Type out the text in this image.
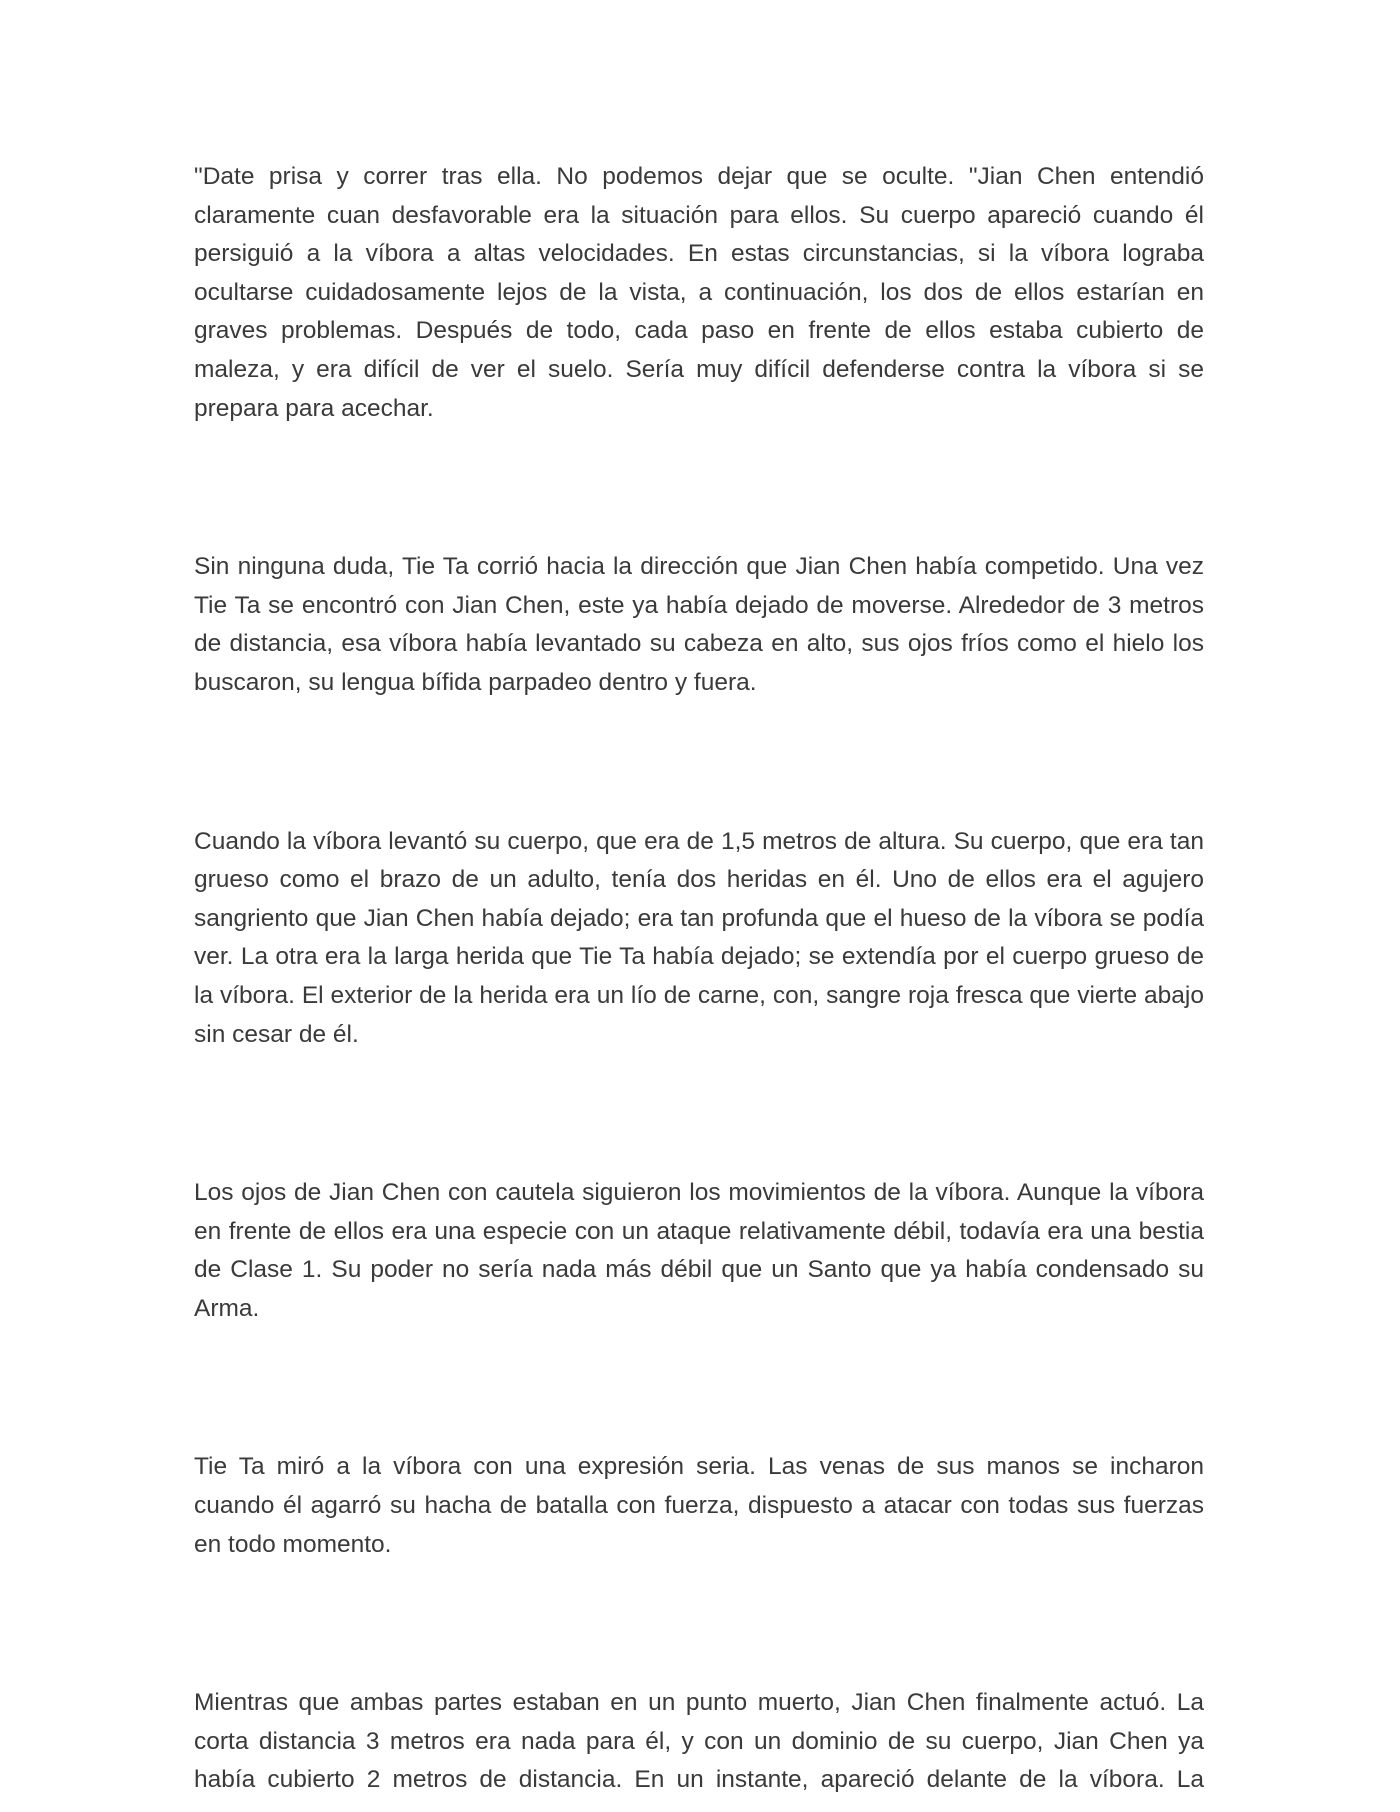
"Date prisa y correr tras ella. No podemos dejar que se oculte. "Jian Chen entendió claramente cuan desfavorable era la situación para ellos. Su cuerpo apareció cuando él persiguió a la víbora a altas velocidades. En estas circunstancias, si la víbora lograba ocultarse cuidadosamente lejos de la vista, a continuación, los dos de ellos estarían en graves problemas. Después de todo, cada paso en frente de ellos estaba cubierto de maleza, y era difícil de ver el suelo. Sería muy difícil defenderse contra la víbora si se prepara para acechar.

Sin ninguna duda, Tie Ta corrió hacia la dirección que Jian Chen había competido. Una vez Tie Ta se encontró con Jian Chen, este ya había dejado de moverse. Alrededor de 3 metros de distancia, esa víbora había levantado su cabeza en alto, sus ojos fríos como el hielo los buscaron, su lengua bífida parpadeo dentro y fuera.

Cuando la víbora levantó su cuerpo, que era de 1,5 metros de altura. Su cuerpo, que era tan grueso como el brazo de un adulto, tenía dos heridas en él. Uno de ellos era el agujero sangriento que Jian Chen había dejado; era tan profunda que el hueso de la víbora se podía ver. La otra era la larga herida que Tie Ta había dejado; se extendía por el cuerpo grueso de la víbora. El exterior de la herida era un lío de carne, con, sangre roja fresca que vierte abajo sin cesar de él.

Los ojos de Jian Chen con cautela siguieron los movimientos de la víbora. Aunque la víbora en frente de ellos era una especie con un ataque relativamente débil, todavía era una bestia de Clase 1. Su poder no sería nada más débil que un Santo que ya había condensado su Arma.

Tie Ta miró a la víbora con una expresión seria. Las venas de sus manos se incharon cuando él agarró su hacha de batalla con fuerza, dispuesto a atacar con todas sus fuerzas en todo momento.

Mientras que ambas partes estaban en un punto muerto, Jian Chen finalmente actuó. La corta distancia 3 metros era nada para él, y con un dominio de su cuerpo, Jian Chen ya había cubierto 2 metros de distancia. En un instante, apareció delante de la víbora. La
